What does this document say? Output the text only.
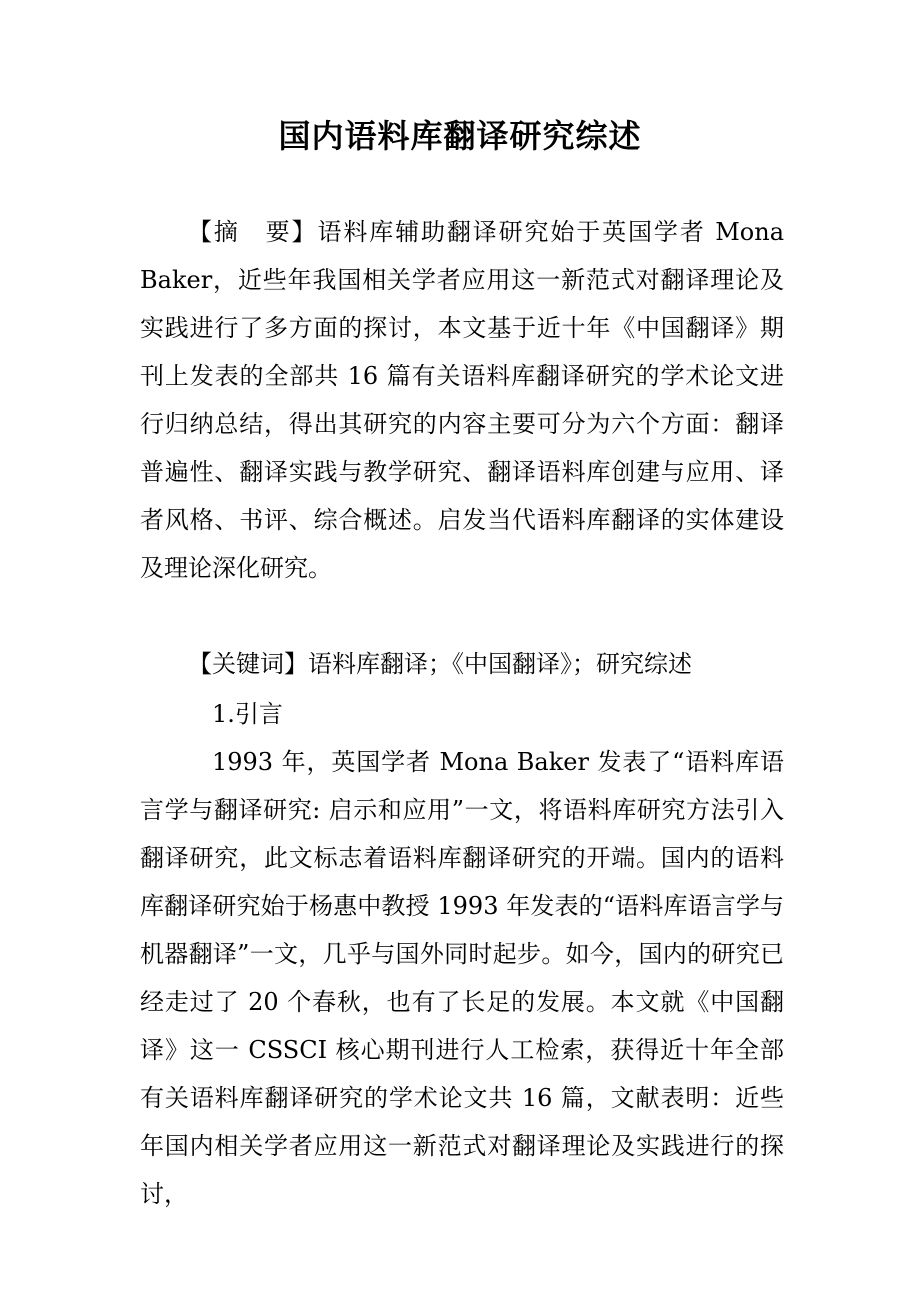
国内语料库翻译研究综述

【摘　要】语料库辅助翻译研究始于英国学者 Mona Baker，近些年我国相关学者应用这一新范式对翻译理论及实践进行了多方面的探讨，本文基于近十年《中国翻译》期刊上发表的全部共 16 篇有关语料库翻译研究的学术论文进行归纳总结，得出其研究的内容主要可分为六个方面：翻译普遍性、翻译实践与教学研究、翻译语料库创建与应用、译者风格、书评、综合概述。启发当代语料库翻译的实体建设及理论深化研究。

【关键词】语料库翻译；《中国翻译》；研究综述

1.引言

1993 年，英国学者 Mona Baker 发表了“语料库语言学与翻译研究: 启示和应用”一文，将语料库研究方法引入翻译研究，此文标志着语料库翻译研究的开端。国内的语料库翻译研究始于杨惠中教授 1993 年发表的“语料库语言学与机器翻译”一文，几乎与国外同时起步。如今，国内的研究已经走过了 20 个春秋，也有了长足的发展。本文就《中国翻译》这一 CSSCI 核心期刊进行人工检索，获得近十年全部有关语料库翻译研究的学术论文共 16 篇，文献表明：近些年国内相关学者应用这一新范式对翻译理论及实践进行的探讨，
